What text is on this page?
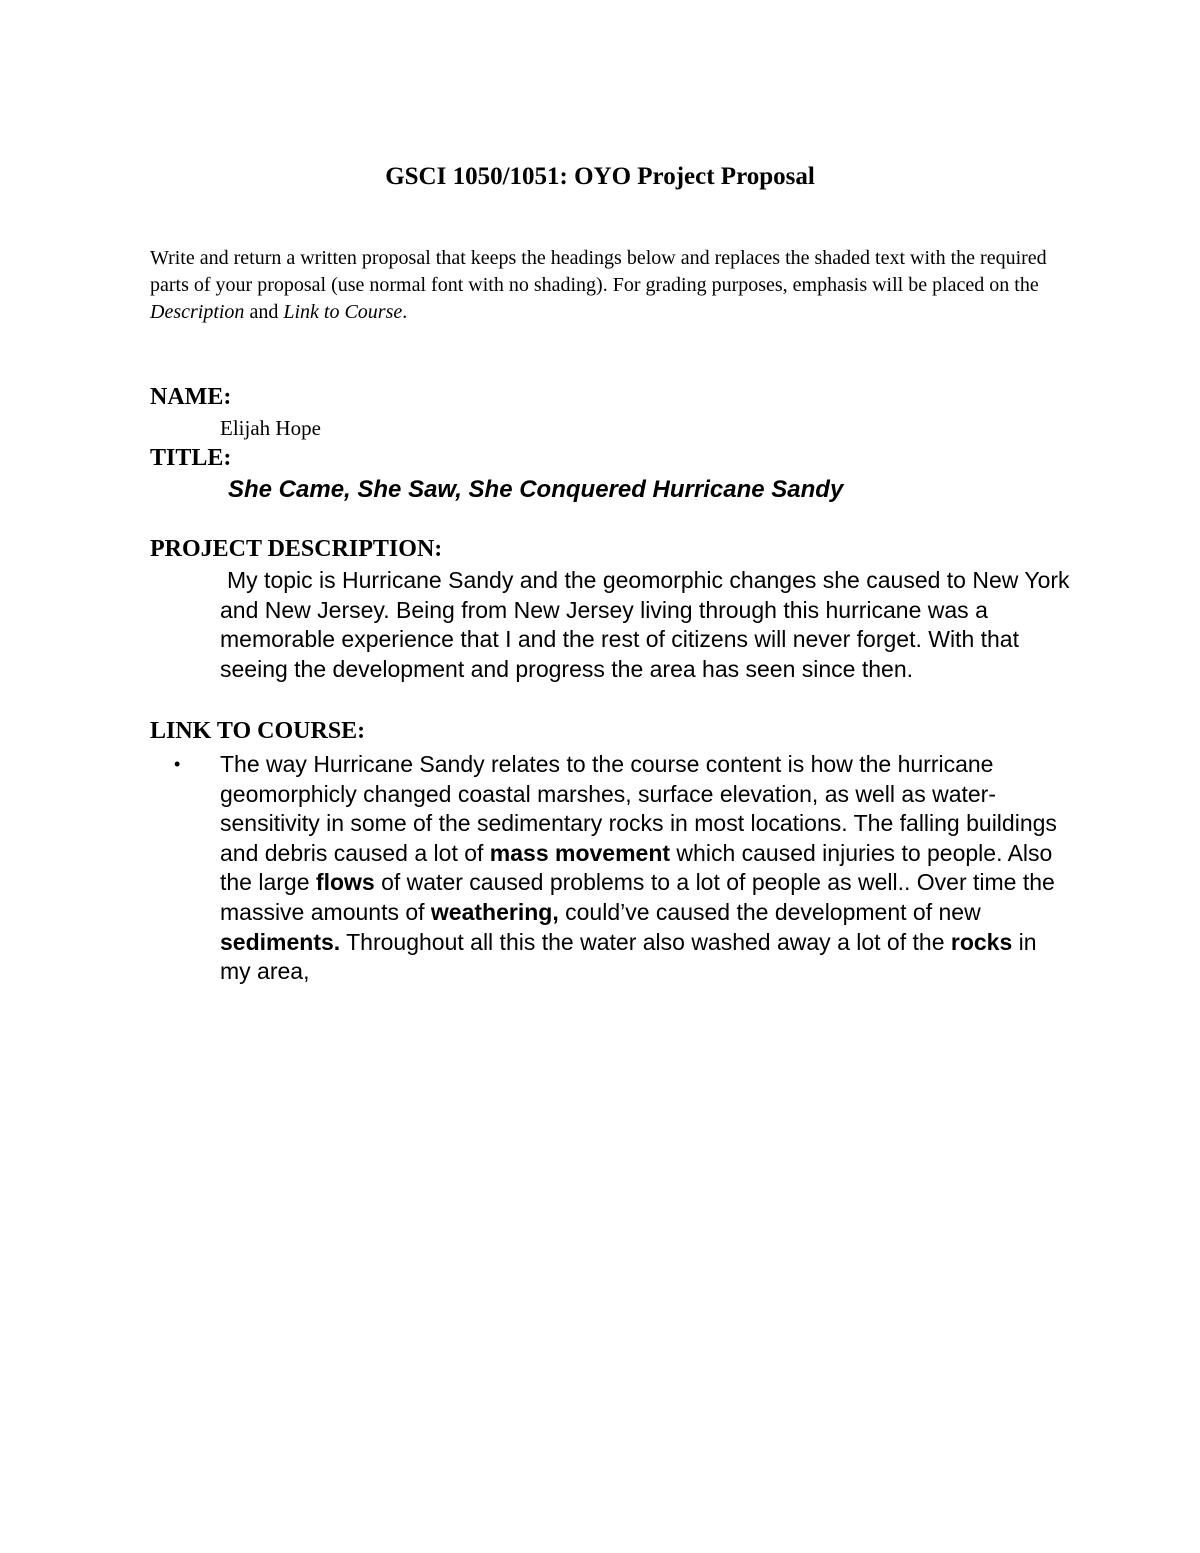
GSCI 1050/1051: OYO Project Proposal

Write and return a written proposal that keeps the headings below and replaces the shaded text with the required parts of your proposal (use normal font with no shading). For grading purposes, emphasis will be placed on the Description and Link to Course.

NAME:

Elijah Hope

TITLE:

She Came, She Saw, She Conquered Hurricane Sandy

PROJECT DESCRIPTION:

My topic is Hurricane Sandy and the geomorphic changes she caused to New York and New Jersey. Being from New Jersey living through this hurricane was a memorable experience that I and the rest of citizens will never forget. With that seeing the development and progress the area has seen since then.

LINK TO COURSE:
• The way Hurricane Sandy relates to the course content is how the hurricane geomorphicly changed coastal marshes, surface elevation, as well as water-sensitivity in some of the sedimentary rocks in most locations. The falling buildings and debris caused a lot of mass movement which caused injuries to people. Also the large flows of water caused problems to a lot of people as well.. Over time the massive amounts of weathering, could’ve caused the development of new sediments. Throughout all this the water also washed away a lot of the rocks in my area,
